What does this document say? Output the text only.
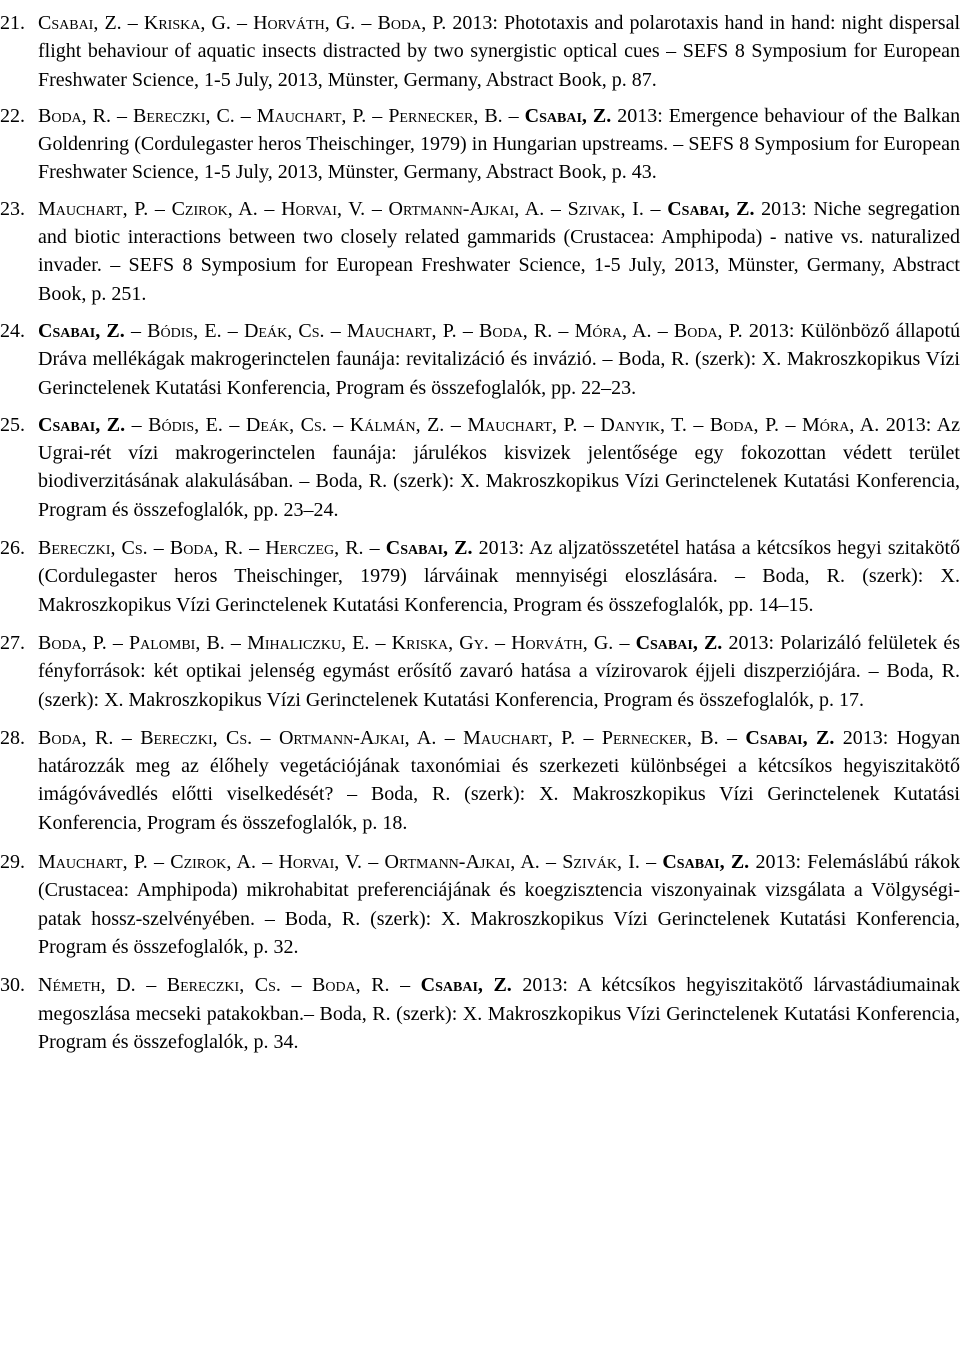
21. Csabai, Z. – Kriska, G. – Horváth, G. – Boda, P. 2013: Phototaxis and polarotaxis hand in hand: night dispersal flight behaviour of aquatic insects distracted by two synergistic optical cues – SEFS 8 Symposium for European Freshwater Science, 1-5 July, 2013, Münster, Germany, Abstract Book, p. 87.
22. Boda, R. – Bereczki, C. – Mauchart, P. – Pernecker, B. – Csabai, Z. 2013: Emergence behaviour of the Balkan Goldenring (Cordulegaster heros Theischinger, 1979) in Hungarian upstreams. – SEFS 8 Symposium for European Freshwater Science, 1-5 July, 2013, Münster, Germany, Abstract Book, p. 43.
23. Mauchart, P. – Czirok, A. – Horvai, V. – Ortmann-Ajkai, A. – Szivak, I. – Csabai, Z. 2013: Niche segregation and biotic interactions between two closely related gammarids (Crustacea: Amphipoda) - native vs. naturalized invader. – SEFS 8 Symposium for European Freshwater Science, 1-5 July, 2013, Münster, Germany, Abstract Book, p. 251.
24. Csabai, Z. – Bódis, E. – Deák, Cs. – Mauchart, P. – Boda, R. – Móra, A. – Boda, P. 2013: Különböző állapotú Dráva mellékágak makrogerinctelen faunája: revitalizáció és invázió. – Boda, R. (szerk): X. Makroszkopikus Vízi Gerinctelenek Kutatási Konferencia, Program és összefoglalók, pp. 22–23.
25. Csabai, Z. – Bódis, E. – Deák, Cs. – Kálmán, Z. – Mauchart, P. – Danyik, T. – Boda, P. – Móra, A. 2013: Az Ugrai-rét vízi makrogerinctelen faunája: járulékos kisvizek jelentősége egy fokozottan védett terület biodiverzitásának alakulásában. – Boda, R. (szerk): X. Makroszkopikus Vízi Gerinctelenek Kutatási Konferencia, Program és összefoglalók, pp. 23–24.
26. Bereczki, Cs. – Boda, R. – Herczeg, R. – Csabai, Z. 2013: Az aljzatösszetétel hatása a kétcsíkos hegyi szitakötő (Cordulegaster heros Theischinger, 1979) lárváinak mennyiségi eloszlására. – Boda, R. (szerk): X. Makroszkopikus Vízi Gerinctelenek Kutatási Konferencia, Program és összefoglalók, pp. 14–15.
27. Boda, P. – Palombi, B. – Mihaliczku, E. – Kriska, Gy. – Horváth, G. – Csabai, Z. 2013: Polarizáló felületek és fényforrások: két optikai jelenség egymást erősítő zavaró hatása a vízirovarok éjjeli diszperziójára. – Boda, R. (szerk): X. Makroszkopikus Vízi Gerinctelenek Kutatási Konferencia, Program és összefoglalók, p. 17.
28. Boda, R. – Bereczki, Cs. – Ortmann-Ajkai, A. – Mauchart, P. – Pernecker, B. – Csabai, Z. 2013: Hogyan határozzák meg az élőhely vegetációjának taxonómiai és szerkezeti különbségei a kétcsíkos hegyiszitakötő imágóvávedlés előtti viselkedését? – Boda, R. (szerk): X. Makroszkopikus Vízi Gerinctelenek Kutatási Konferencia, Program és összefoglalók, p. 18.
29. Mauchart, P. – Czirok, A. – Horvai, V. – Ortmann-Ajkai, A. – Szivák, I. – Csabai, Z. 2013: Felemáslábú rákok (Crustacea: Amphipoda) mikrohabitat preferenciájának és koegzisztencia viszonyainak vizsgálata a Völgységi-patak hossz-szelvényében. – Boda, R. (szerk): X. Makroszkopikus Vízi Gerinctelenek Kutatási Konferencia, Program és összefoglalók, p. 32.
30. Németh, D. – Bereczki, Cs. – Boda, R. – Csabai, Z. 2013: A kétcsíkos hegyiszitakötő lárvastádiumainak megoszlása mecseki patakokban.– Boda, R. (szerk): X. Makroszkopikus Vízi Gerinctelenek Kutatási Konferencia, Program és összefoglalók, p. 34.
